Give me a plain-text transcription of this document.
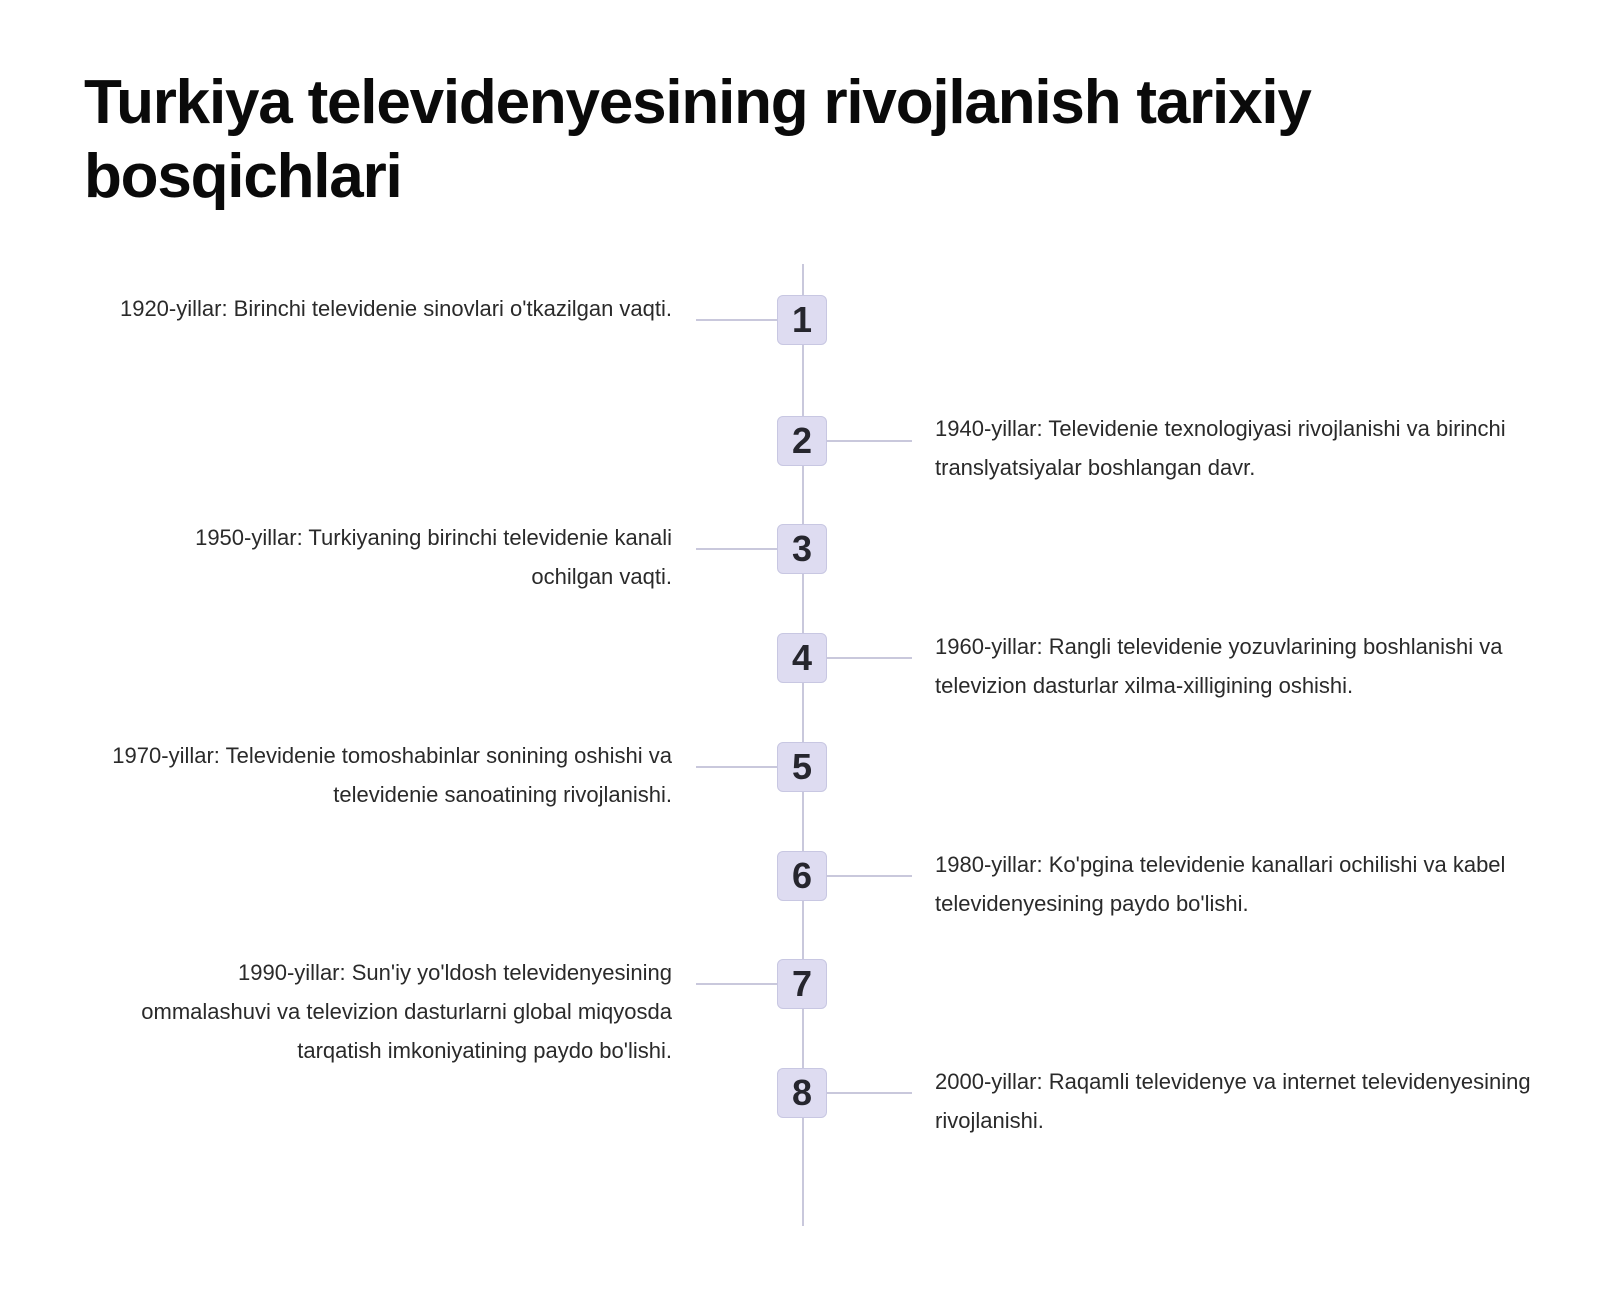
Turkiya televidenyesining rivojlanish tarixiy bosqichlari
1

1920-yillar: Birinchi televidenie sinovlari o'tkazilgan vaqti.

2	1940-yillar: Televidenie texnologiyasi rivojlanishi va birinchi translyatsiyalar boshlangan davr.

3

1950-yillar: Turkiyaning birinchi televidenie kanali ochilgan vaqti.

4	1960-yillar: Rangli televidenie yozuvlarining boshlanishi va televizion dasturlar xilma-xilligining oshishi.

5

1970-yillar: Televidenie tomoshabinlar sonining oshishi va televidenie sanoatining rivojlanishi.

6	1980-yillar: Ko'pgina televidenie kanallari ochilishi va kabel televidenyesining paydo bo'lishi.

7

1990-yillar: Sun'iy yo'ldosh televidenyesining ommalashuvi va televizion dasturlarni global miqyosda tarqatish imkoniyatining paydo bo'lishi.

8	2000-yillar: Raqamli televidenye va internet televidenyesining rivojlanishi.
